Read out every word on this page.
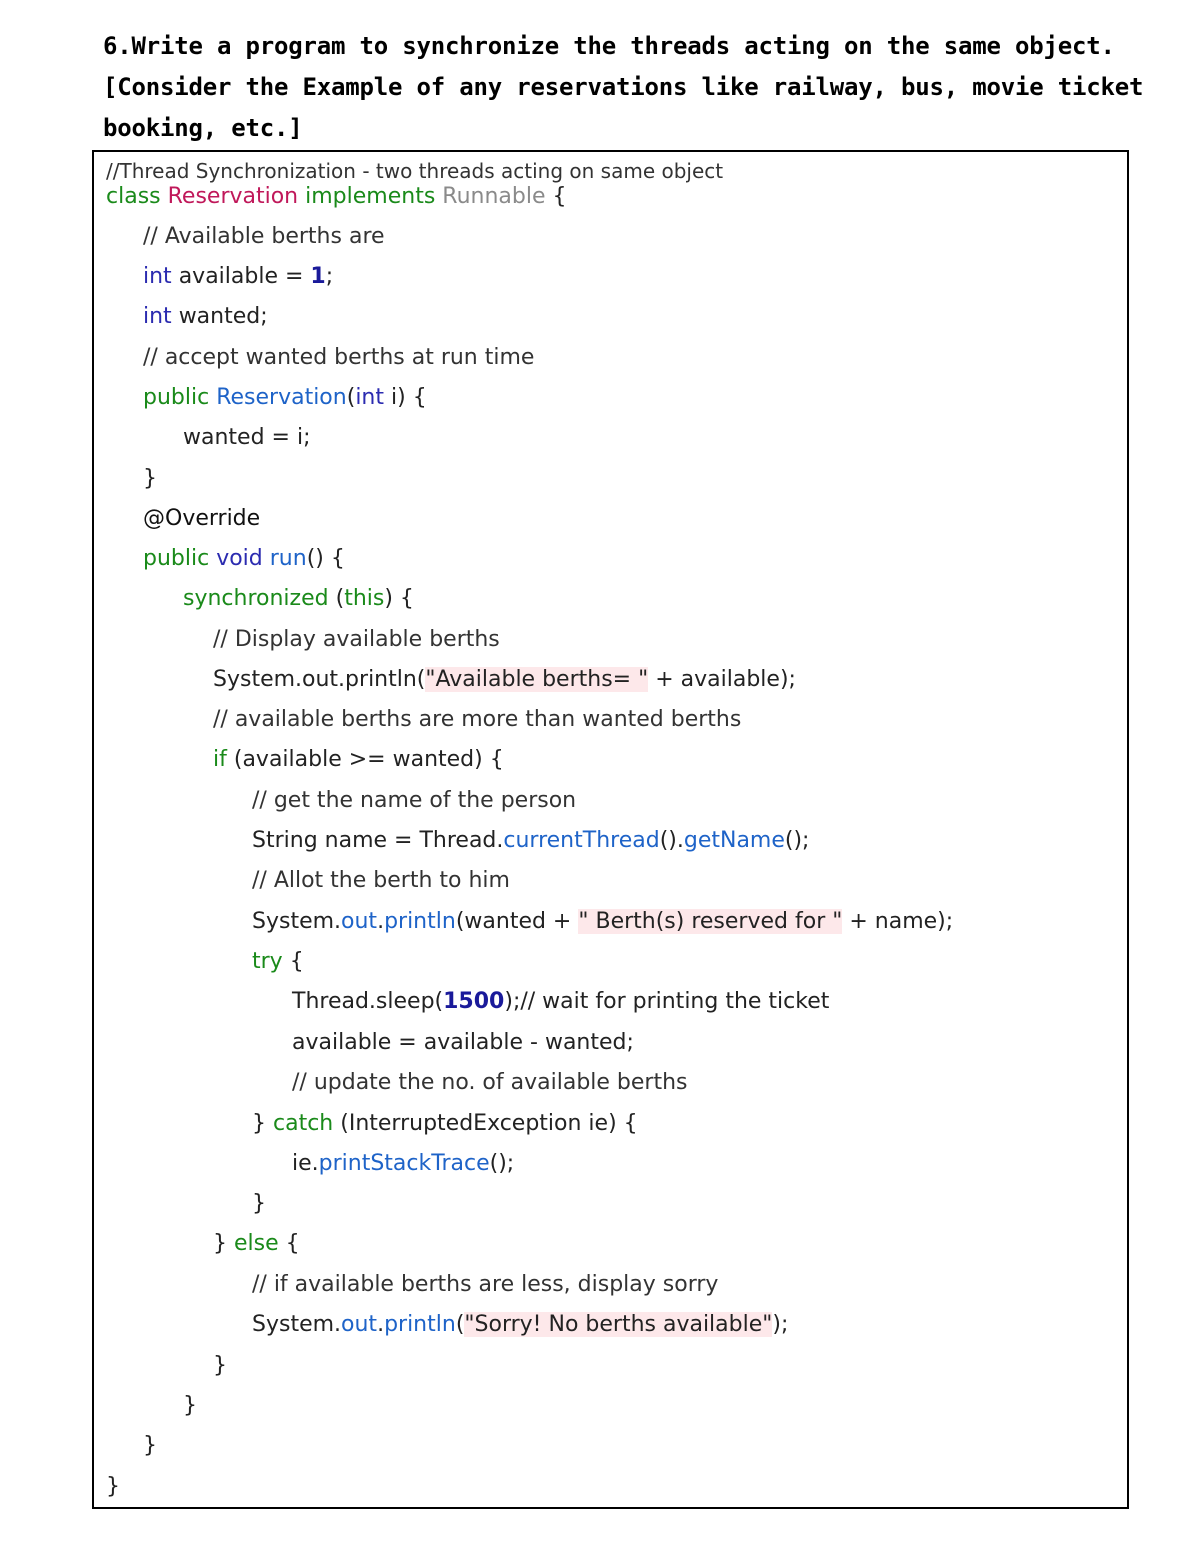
6.Write a program to synchronize the threads acting on the same object.
[Consider the Example of any reservations like railway, bus, movie ticket
booking, etc.]
//Thread Synchronization - two threads acting on same object
class Reservation implements Runnable {
// Available berths are
int available = 1;
int wanted;
// accept wanted berths at run time
public Reservation(int i) {
wanted = i;
}
@Override
public void run() {
synchronized (this) {
// Display available berths
System.out.println("Available berths= " + available);
// available berths are more than wanted berths
if (available >= wanted) {
// get the name of the person
String name = Thread.currentThread().getName();
// Allot the berth to him
System.out.println(wanted + " Berth(s) reserved for " + name);
try {
Thread.sleep(1500);// wait for printing the ticket
available = available - wanted;
// update the no. of available berths
} catch (InterruptedException ie) {
ie.printStackTrace();
}
} else {
// if available berths are less, display sorry
System.out.println("Sorry! No berths available");
}
}
}
}
